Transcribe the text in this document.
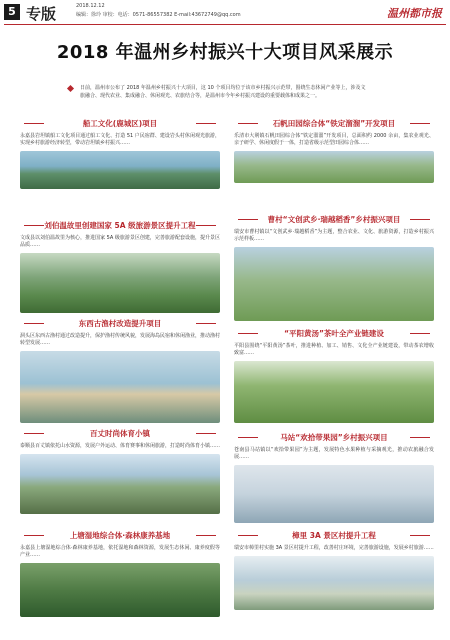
5 专版	2018.12.12
编辑：徐玲 审校：电话：0571-86557382 E-mail:43672749@qq.com	温州都市报
2018 年温州乡村振兴十大项目风采展示
日前，温州市公布了 2018 年温州乡村振兴十大项目，这 10 个项目均位于该市乡村振兴示范带，围绕生态休闲产业等上，涉及文旅融合、现代农业、集成融合、休闲观光、农旅结合等，是温州市今年乡村振兴建设的重要载体和成果之一。
船工文化(鹿城区)项目
永嘉县岩坦镇船工文化项目通过船工文化、打造 51 户民宿群、建设岩头村休闲观光旅游，实现乡村旅游经济转型，带动岩坦镇乡村振兴……
刘伯温故里创建国家 5A 级旅游景区提升工程
文成县以刘伯温故里为核心，推进国家 5A 级旅游景区创建，完善旅游配套设施，提升景区品质……
东西古渔村改造提升项目
洞头区东西古渔村通过改造提升，保护渔村传统风貌，发展海岛民宿和休闲渔业，推动渔村转型发展……
百丈时尚体育小镇
泰顺县百丈镇依托山水资源，发展户外运动、体育赛事和休闲旅游，打造时尚体育小镇……
上塘湿地综合体·森林康养基地
永嘉县上塘湿地综合体·森林康养基地，依托湿地和森林资源，发展生态休闲、康养度假等产业……
石帆田园综合体“铁定溜溜”开发项目
乐清市大荆镇石帆田园综合体“铁定溜溜”开发项目，总面积约 2000 余亩，集农业观光、亲子研学、休闲度假于一体，打造省级示范型田园综合体……
曹村“文创武乡·瑞越稻香”乡村振兴项目
瑞安市曹村镇以“文创武乡·瑞越稻香”为主题，整合农业、文化、旅游资源，打造乡村振兴示范样板……
“平阳黄汤”茶叶全产业链建设
平阳县围绕“平阳黄汤”茶叶，推进种植、加工、销售、文化全产业链建设，带动茶农增收致富……
马站“欢拾带果园”乡村振兴项目
苍南县马站镇以“欢拾带果园”为主题，发展特色水果种植与采摘观光，推动农旅融合发展……
樟里 3A 景区村提升工程
瑞安市樟里村实施 3A 景区村提升工程，改善村庄环境，完善旅游设施，发展乡村旅游……
